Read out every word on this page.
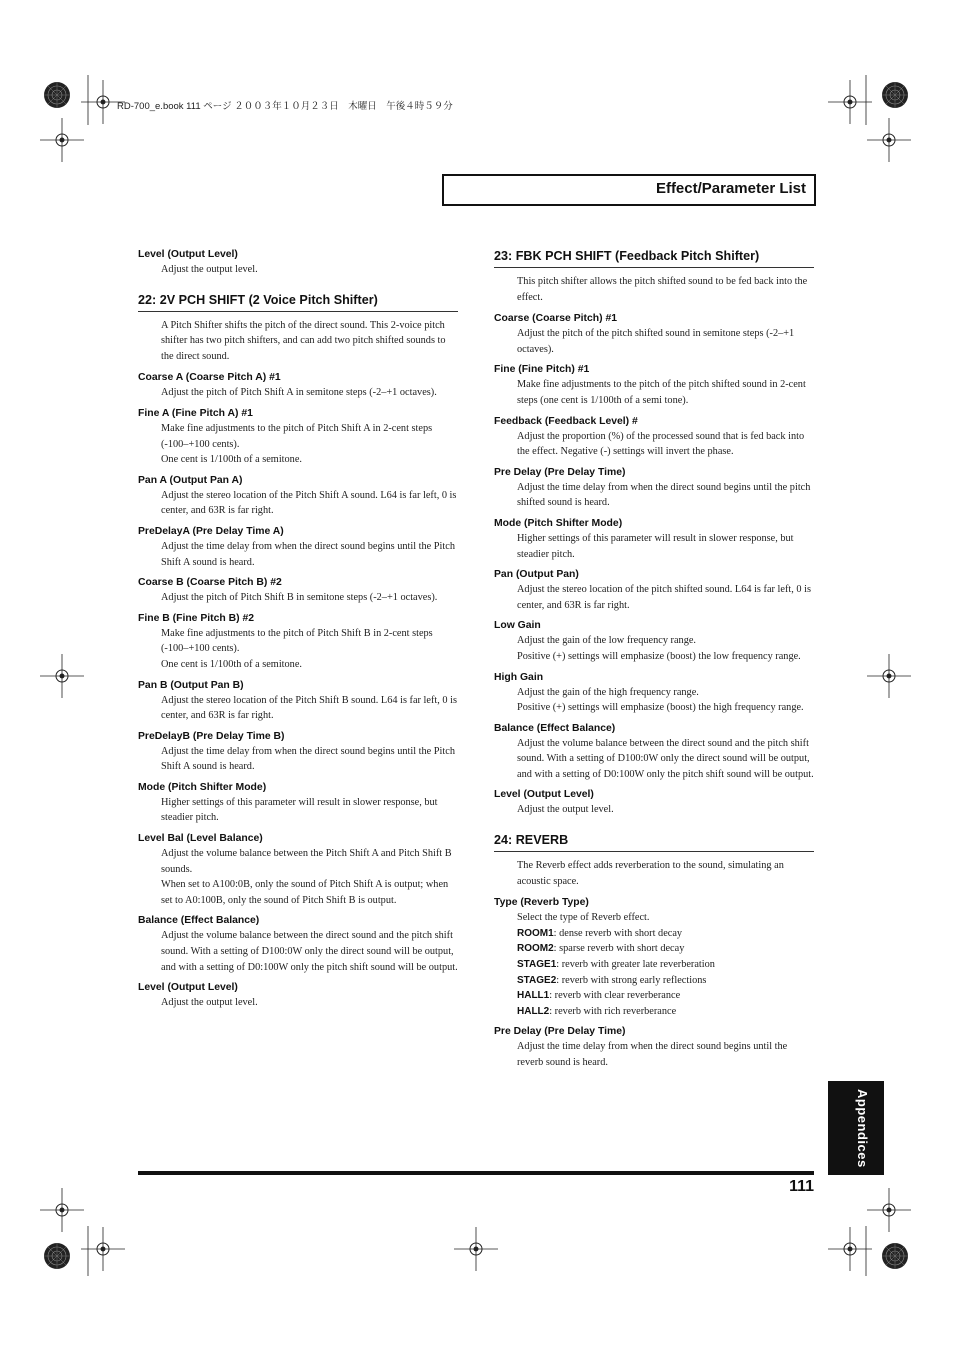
RD-700_e.book 111 ページ ２００３年１０月２３日　木曜日　午後４時５９分
Effect/Parameter List

Level (Output Level)

Adjust the output level.

22: 2V PCH SHIFT (2 Voice Pitch Shifter)

A Pitch Shifter shifts the pitch of the direct sound. This 2-voice pitch shifter has two pitch shifters, and can add two pitch shifted sounds to the direct sound.

Coarse A (Coarse Pitch A) #1

Adjust the pitch of Pitch Shift A in semitone steps (-2–+1 octaves).

Fine A (Fine Pitch A) #1

Make fine adjustments to the pitch of Pitch Shift A in 2-cent steps (-100–+100 cents).

One cent is 1/100th of a semitone.

Pan A (Output Pan A)

Adjust the stereo location of the Pitch Shift A sound. L64 is far left, 0 is center, and 63R is far right.

PreDelayA (Pre Delay Time A)

Adjust the time delay from when the direct sound begins until the Pitch Shift A sound is heard.

Coarse B (Coarse Pitch B) #2

Adjust the pitch of Pitch Shift B in semitone steps (-2–+1 octaves).

Fine B (Fine Pitch B) #2

Make fine adjustments to the pitch of Pitch Shift B in 2-cent steps (-100–+100 cents).

One cent is 1/100th of a semitone.

Pan B (Output Pan B)

Adjust the stereo location of the Pitch Shift B sound. L64 is far left, 0 is center, and 63R is far right.

PreDelayB (Pre Delay Time B)

Adjust the time delay from when the direct sound begins until the Pitch Shift A sound is heard.

Mode (Pitch Shifter Mode)

Higher settings of this parameter will result in slower response, but steadier pitch.

Level Bal (Level Balance)

Adjust the volume balance between the Pitch Shift A and Pitch Shift B sounds.

When set to A100:0B, only the sound of Pitch Shift A is output; when set to A0:100B, only the sound of Pitch Shift B is output.

Balance (Effect Balance)

Adjust the volume balance between the direct sound and the pitch shift sound. With a setting of D100:0W only the direct sound will be output, and with a setting of D0:100W only the pitch shift sound will be output.

Level (Output Level)

Adjust the output level.

23: FBK PCH SHIFT (Feedback Pitch Shifter)

This pitch shifter allows the pitch shifted sound to be fed back into the effect.

Coarse (Coarse Pitch) #1

Adjust the pitch of the pitch shifted sound in semitone steps (-2–+1 octaves).

Fine (Fine Pitch) #1

Make fine adjustments to the pitch of the pitch shifted sound in 2-cent steps (one cent is 1/100th of a semi tone).

Feedback (Feedback Level) #

Adjust the proportion (%) of the processed sound that is fed back into the effect. Negative (-) settings will invert the phase.

Pre Delay (Pre Delay Time)

Adjust the time delay from when the direct sound begins until the pitch shifted sound is heard.

Mode (Pitch Shifter Mode)

Higher settings of this parameter will result in slower response, but steadier pitch.

Pan (Output Pan)

Adjust the stereo location of the pitch shifted sound. L64 is far left, 0 is center, and 63R is far right.

Low Gain

Adjust the gain of the low frequency range.

Positive (+) settings will emphasize (boost) the low frequency range.

High Gain

Adjust the gain of the high frequency range.

Positive (+) settings will emphasize (boost) the high frequency range.

Balance (Effect Balance)

Adjust the volume balance between the direct sound and the pitch shift sound. With a setting of D100:0W only the direct sound will be output, and with a setting of D0:100W only the pitch shift sound will be output.

Level (Output Level)

Adjust the output level.

24: REVERB

The Reverb effect adds reverberation to the sound, simulating an acoustic space.

Type (Reverb Type)

Select the type of Reverb effect.

ROOM1: dense reverb with short decay

ROOM2: sparse reverb with short decay

STAGE1: reverb with greater late reverberation

STAGE2: reverb with strong early reflections

HALL1: reverb with clear reverberance

HALL2: reverb with rich reverberance

Pre Delay (Pre Delay Time)

Adjust the time delay from when the direct sound begins until the reverb sound is heard.

111
Appendices
